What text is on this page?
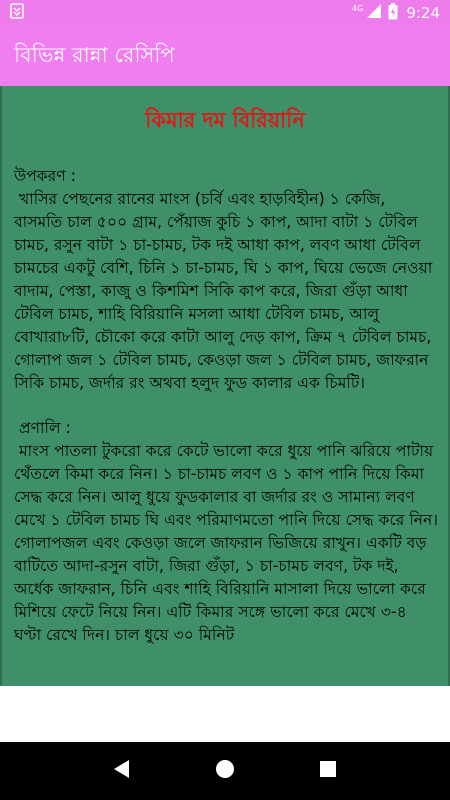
4G	9:24
বিভিন্ন রান্না রেসিপি
কিমার দম বিরিয়ানি
উপকরণ :
খাসির পেছনের রানের মাংস (চর্বি এবং হাড়বিহীন) ১ কেজি, বাসমতি চাল ৫০০ গ্রাম, পেঁয়াজ কুচি ১ কাপ, আদা বাটা ১ টেবিল চামচ, রসুন বাটা ১ চা-চামচ, টক দই আধা কাপ, লবণ আধা টেবিল চামচের একটু বেশি, চিনি ১ চা-চামচ, ঘি ১ কাপ, ঘিয়ে ভেজে নেওয়া বাদাম, পেস্তা, কাজু ও কিশমিশ সিকি কাপ করে, জিরা গুঁড়া আধা টেবিল চামচ, শাহি বিরিয়ানি মসলা আধা টেবিল চামচ, আলু বোখারা৮টি, চৌকো করে কাটা আলু দেড় কাপ, ক্রিম ৭ টেবিল চামচ, গোলাপ জল ১ টেবিল চামচ, কেওড়া জল ১ টেবিল চামচ, জাফরান সিকি চামচ, জর্দার রং অথবা হলুদ ফুড কালার এক চিমটি।

প্রণালি :
মাংস পাতলা টুকরো করে কেটে ভালো করে ধুয়ে পানি ঝরিয়ে পাটায় থেঁতলে কিমা করে নিন। ১ চা-চামচ লবণ ও ১ কাপ পানি দিয়ে কিমা সেদ্ধ করে নিন। আলু ধুয়ে ফুডকালার বা জর্দার রং ও সামান্য লবণ মেখে ১ টেবিল চামচ ঘি এবং পরিমাণমতো পানি দিয়ে সেদ্ধ করে নিন। গোলাপজল এবং কেওড়া জলে জাফরান ভিজিয়ে রাখুন। একটি বড় বাটিতে আদা-রসুন বাটা, জিরা গুঁড়া, ১ চা-চামচ লবণ, টক দই, অর্ধেক জাফরান, চিনি এবং শাহি বিরিয়ানি মাসালা দিয়ে ভালো করে মিশিয়ে ফেটে নিয়ে নিন। এটি কিমার সঙ্গে ভালো করে মেখে ৩-৪ ঘণ্টা রেখে দিন। চাল ধুয়ে ৩০ মিনিট
